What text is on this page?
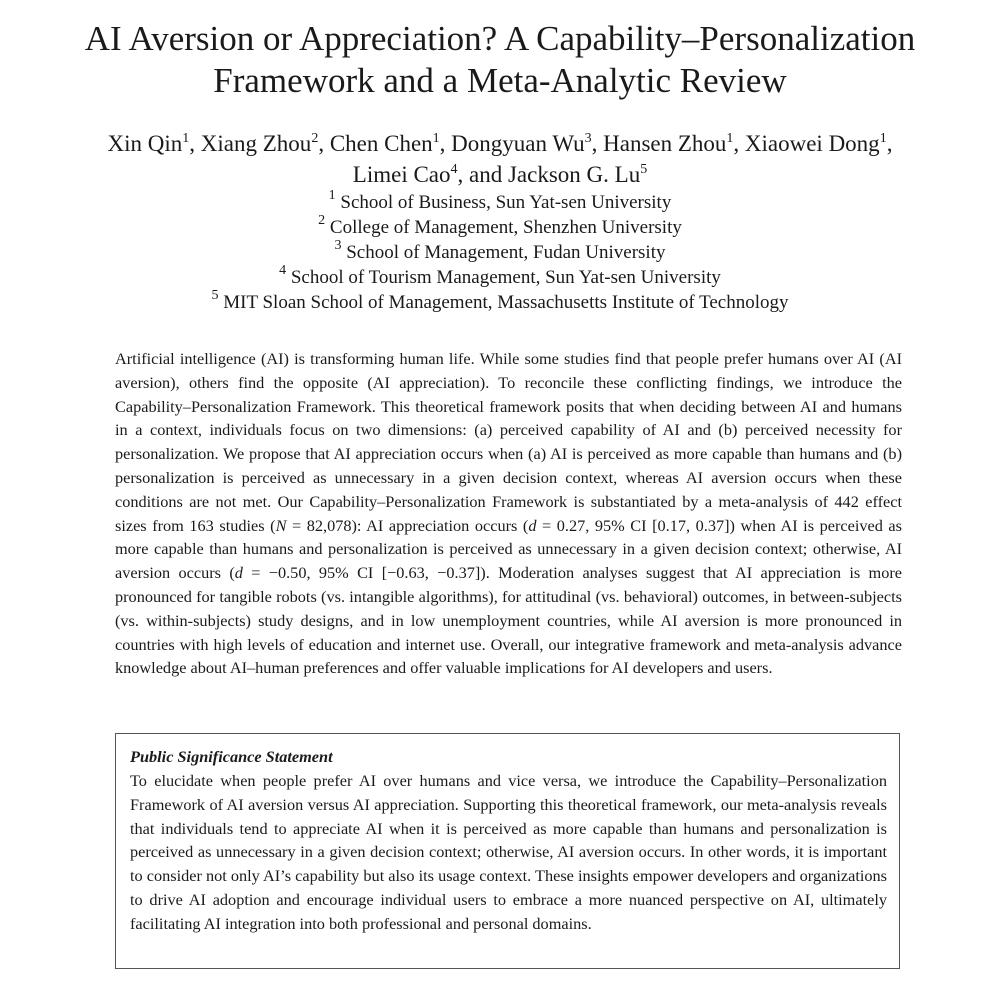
AI Aversion or Appreciation? A Capability–Personalization
Framework and a Meta-Analytic Review
Xin Qin$^1$, Xiang Zhou$^2$, Chen Chen$^1$, Dongyuan Wu$^3$, Hansen Zhou$^1$, Xiaowei Dong$^1$,
Limei Cao$^4$, and Jackson G. Lu$^5$
$^1$ School of Business, Sun Yat-sen University
$^2$ College of Management, Shenzhen University
$^3$ School of Management, Fudan University
$^4$ School of Tourism Management, Sun Yat-sen University
$^5$ MIT Sloan School of Management, Massachusetts Institute of Technology

Artificial intelligence (AI) is transforming human life. While some studies find that people prefer humans over AI (AI aversion), others find the opposite (AI appreciation). To reconcile these conflicting findings, we introduce the Capability–Personalization Framework. This theoretical framework posits that when deciding between AI and humans in a context, individuals focus on two dimensions: (a) perceived capability of AI and (b) perceived necessity for personalization. We propose that AI appreciation occurs when (a) AI is perceived as more capable than humans and (b) personalization is perceived as unnecessary in a given decision context, whereas AI aversion occurs when these conditions are not met. Our Capability–Personalization Framework is substantiated by a meta-analysis of 442 effect sizes from 163 studies (N = 82,078): AI appreciation occurs (d = 0.27, 95% CI [0.17, 0.37]) when AI is perceived as more capable than humans and personalization is perceived as unnecessary in a given decision context; otherwise, AI aversion occurs (d = −0.50, 95% CI [−0.63, −0.37]). Moderation analyses suggest that AI appreciation is more pronounced for tangible robots (vs. intangible algorithms), for attitudinal (vs. behavioral) outcomes, in between-subjects (vs. within-subjects) study designs, and in low unemployment countries, while AI aversion is more pronounced in countries with high levels of education and internet use. Overall, our integrative framework and meta-analysis advance knowledge about AI–human preferences and offer valuable implications for AI developers and users.

Public Significance Statement

To elucidate when people prefer AI over humans and vice versa, we introduce the Capability–Personalization Framework of AI aversion versus AI appreciation. Supporting this theoretical framework, our meta-analysis reveals that individuals tend to appreciate AI when it is perceived as more capable than humans and personalization is perceived as unnecessary in a given decision context; otherwise, AI aversion occurs. In other words, it is important to consider not only AI’s capability but also its usage context. These insights empower developers and organizations to drive AI adoption and encourage individual users to embrace a more nuanced perspective on AI, ultimately facilitating AI integration into both professional and personal domains.
